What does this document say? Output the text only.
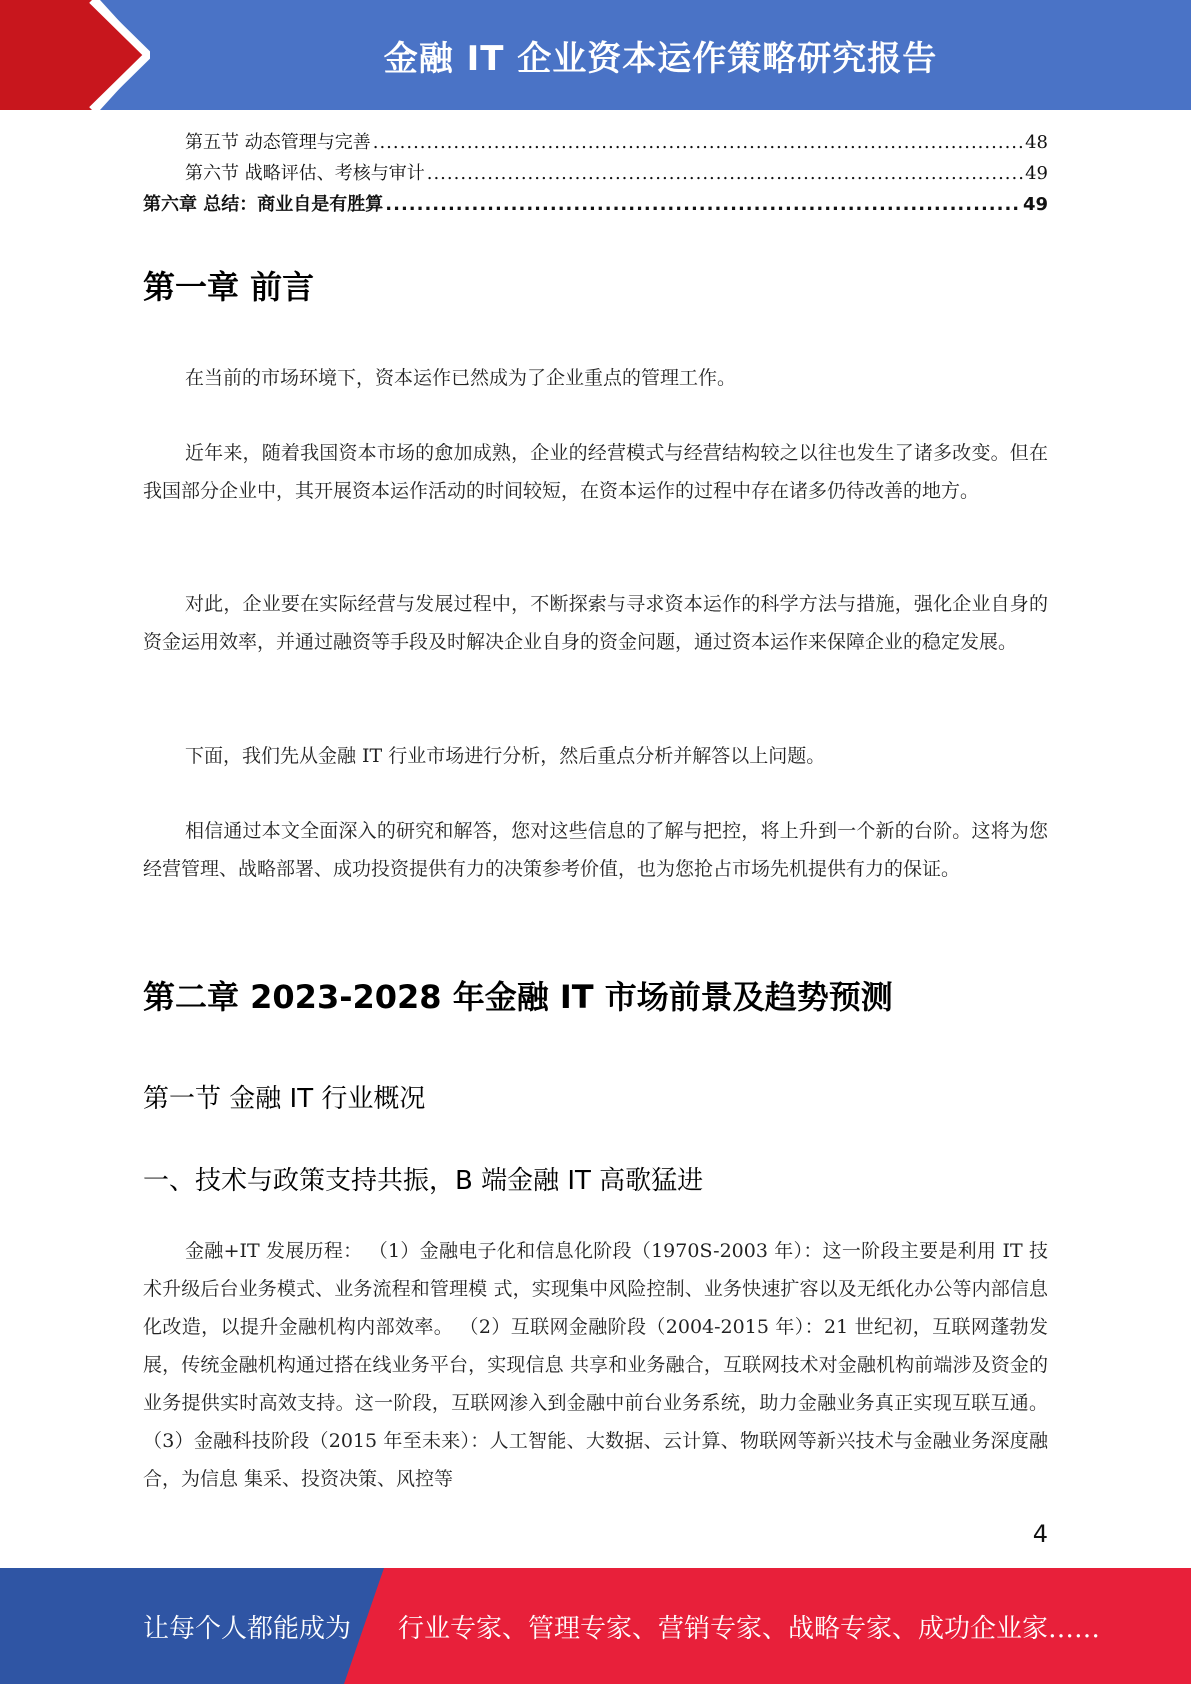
金融 IT 企业资本运作策略研究报告
第五节 动态管理与完善 .....	48
第六节 战略评估、考核与审计 .....	49
第六章 总结：商业自是有胜算 .....	49
第一章 前言

在当前的市场环境下，资本运作已然成为了企业重点的管理工作。

近年来，随着我国资本市场的愈加成熟，企业的经营模式与经营结构较之以往也发生了诸多改变。但在我国部分企业中，其开展资本运作活动的时间较短，在资本运作的过程中存在诸多仍待改善的地方。

对此，企业要在实际经营与发展过程中，不断探索与寻求资本运作的科学方法与措施，强化企业自身的资金运用效率，并通过融资等手段及时解决企业自身的资金问题，通过资本运作来保障企业的稳定发展。

下面，我们先从金融 IT 行业市场进行分析，然后重点分析并解答以上问题。

相信通过本文全面深入的研究和解答，您对这些信息的了解与把控，将上升到一个新的台阶。这将为您经营管理、战略部署、成功投资提供有力的决策参考价值，也为您抢占市场先机提供有力的保证。

第二章 2023-2028 年金融 IT 市场前景及趋势预测
第一节 金融 IT 行业概况
一、技术与政策支持共振，B 端金融 IT 高歌猛进

金融+IT 发展历程： （1）金融电子化和信息化阶段（1970S-2003 年）：这一阶段主要是利用 IT 技术升级后台业务模式、业务流程和管理模 式，实现集中风险控制、业务快速扩容以及无纸化办公等内部信息化改造，以提升金融机构内部效率。 （2）互联网金融阶段（2004-2015 年）：21 世纪初，互联网蓬勃发展，传统金融机构通过搭在线业务平台，实现信息 共享和业务融合，互联网技术对金融机构前端涉及资金的业务提供实时高效支持。这一阶段，互联网渗入到金融中前台业务系统，助力金融业务真正实现互联互通。 （3）金融科技阶段（2015 年至未来）：人工智能、大数据、云计算、物联网等新兴技术与金融业务深度融合，为信息 集采、投资决策、风控等

4
让每个人都能成为 行业专家、管理专家、营销专家、战略专家、成功企业家……
